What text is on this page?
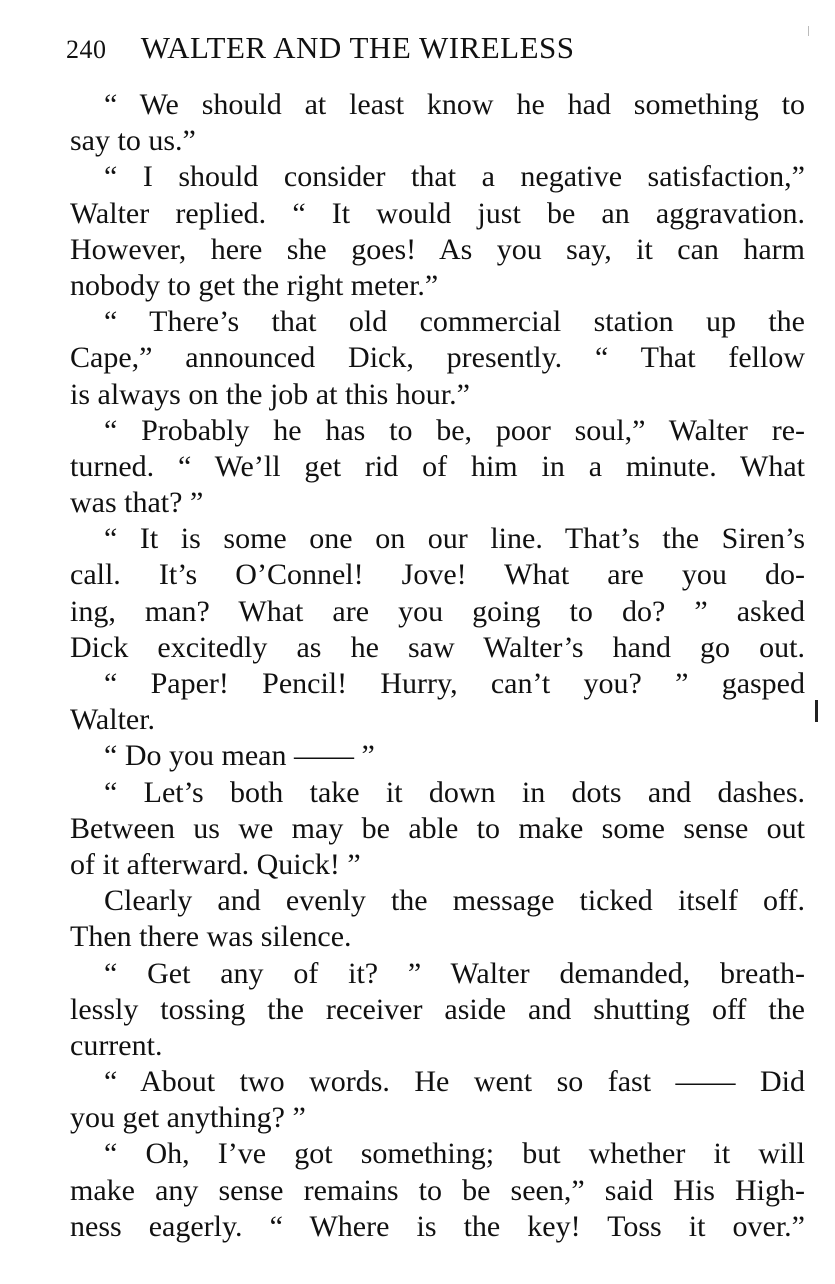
240 WALTER AND THE WIRELESS
“ We should at least know he had something to
say to us.”
“ I should consider that a negative satisfaction,”
Walter replied. “ It would just be an aggravation.
However, here she goes! As you say, it can harm
nobody to get the right meter.”
“ There’s that old commercial station up the
Cape,” announced Dick, presently. “ That fellow
is always on the job at this hour.”
“ Probably he has to be, poor soul,” Walter re-
turned. “ We’ll get rid of him in a minute. What
was that? ”
“ It is some one on our line. That’s the Siren’s
call. It’s O’Connel! Jove! What are you do-
ing, man? What are you going to do? ” asked
Dick excitedly as he saw Walter’s hand go out.
“ Paper! Pencil! Hurry, can’t you? ” gasped
Walter.
“ Do you mean —— ”
“ Let’s both take it down in dots and dashes.
Between us we may be able to make some sense out
of it afterward. Quick! ”
Clearly and evenly the message ticked itself off.
Then there was silence.
“ Get any of it? ” Walter demanded, breath-
lessly tossing the receiver aside and shutting off the
current.
“ About two words. He went so fast —— Did
you get anything? ”
“ Oh, I’ve got something; but whether it will
make any sense remains to be seen,” said His High-
ness eagerly. “ Where is the key! Toss it over.”
